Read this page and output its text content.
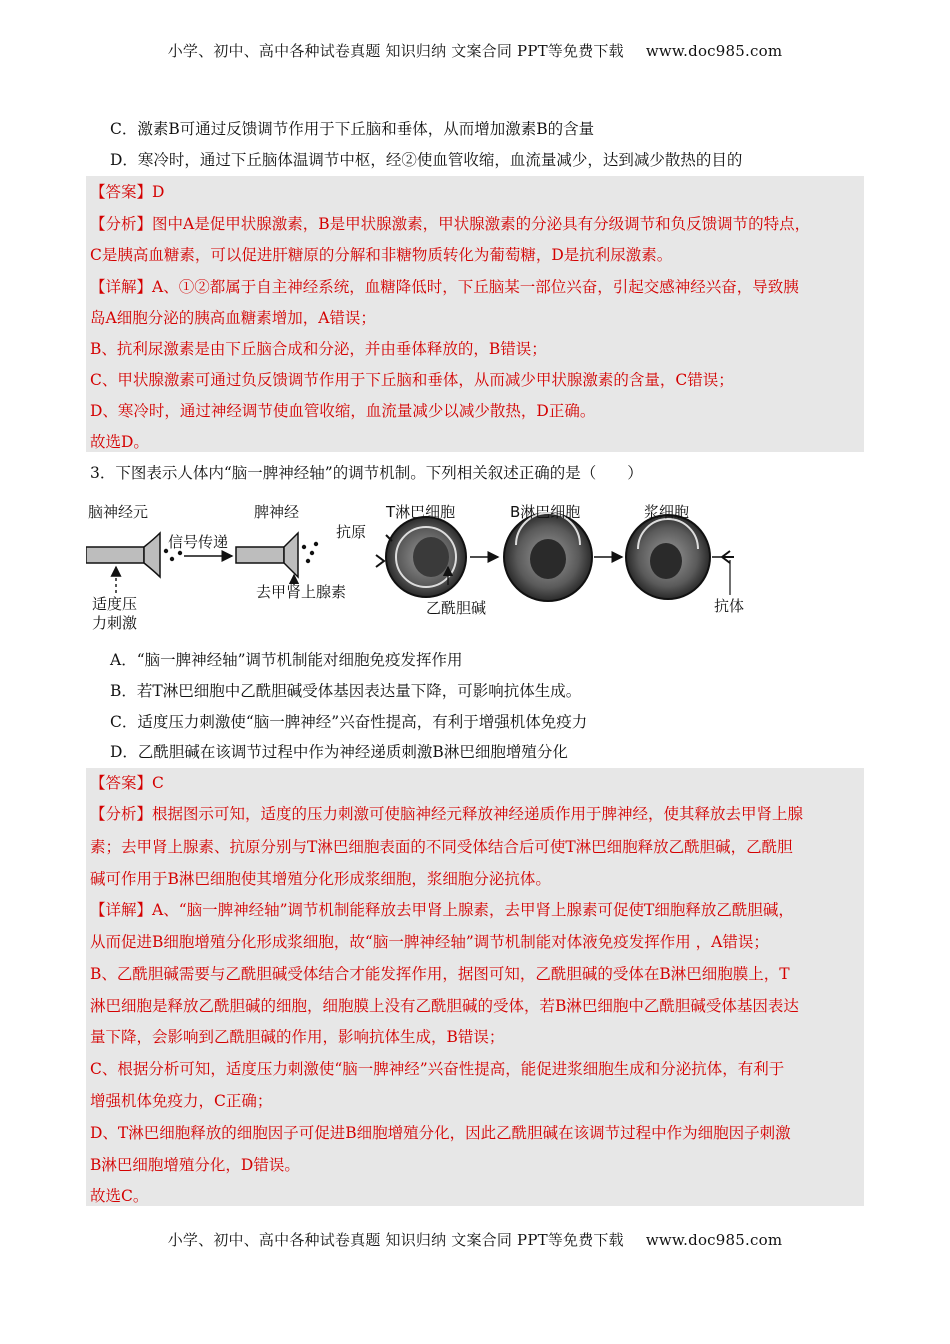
小学、初中、高中各种试卷真题 知识归纳 文案合同 PPT等免费下载 www.doc985.com
C．激素B可通过反馈调节作用于下丘脑和垂体，从而增加激素B的含量
D．寒冷时，通过下丘脑体温调节中枢，经②使血管收缩，血流量减少，达到减少散热的目的
【答案】D
【分析】图中A是促甲状腺激素，B是甲状腺激素，甲状腺激素的分泌具有分级调节和负反馈调节的特点，
C是胰高血糖素，可以促进肝糖原的分解和非糖物质转化为葡萄糖，D是抗利尿激素。
【详解】A、①②都属于自主神经系统，血糖降低时，下丘脑某一部位兴奋，引起交感神经兴奋，导致胰
岛A细胞分泌的胰高血糖素增加，A错误；
B、抗利尿激素是由下丘脑合成和分泌，并由垂体释放的，B错误；
C、甲状腺激素可通过负反馈调节作用于下丘脑和垂体，从而减少甲状腺激素的含量，C错误；
D、寒冷时，通过神经调节使血管收缩，血流量减少以减少散热，D正确。
故选D。
3．下图表示人体内“脑一脾神经轴”的调节机制。下列相关叙述正确的是（　　）
脑神经元
信号传递
适度压
力刺激
脾神经
去甲肾上腺素
T淋巴细胞
抗原
乙酰胆碱
B淋巴细胞	浆细胞
抗体
A．“脑一脾神经轴”调节机制能对细胞免疫发挥作用
B．若T淋巴细胞中乙酰胆碱受体基因表达量下降，可影响抗体生成。
C．适度压力刺激使“脑一脾神经”兴奋性提高，有利于增强机体免疫力
D．乙酰胆碱在该调节过程中作为神经递质刺激B淋巴细胞增殖分化
【答案】C
【分析】根据图示可知，适度的压力刺激可使脑神经元释放神经递质作用于脾神经，使其释放去甲肾上腺
素；去甲肾上腺素、抗原分别与T淋巴细胞表面的不同受体结合后可使T淋巴细胞释放乙酰胆碱，乙酰胆
碱可作用于B淋巴细胞使其增殖分化形成浆细胞，浆细胞分泌抗体。
【详解】A、“脑一脾神经轴”调节机制能释放去甲肾上腺素，去甲肾上腺素可促使T细胞释放乙酰胆碱，
从而促进B细胞增殖分化形成浆细胞，故“脑一脾神经轴”调节机制能对体液免疫发挥作用 ，A错误；
B、乙酰胆碱需要与乙酰胆碱受体结合才能发挥作用，据图可知，乙酰胆碱的受体在B淋巴细胞膜上，T
淋巴细胞是释放乙酰胆碱的细胞，细胞膜上没有乙酰胆碱的受体，若B淋巴细胞中乙酰胆碱受体基因表达
量下降，会影响到乙酰胆碱的作用，影响抗体生成，B错误；
C、根据分析可知，适度压力刺激使“脑一脾神经”兴奋性提高，能促进浆细胞生成和分泌抗体，有利于
增强机体免疫力，C正确；
D、T淋巴细胞释放的细胞因子可促进B细胞增殖分化，因此乙酰胆碱在该调节过程中作为细胞因子刺激
B淋巴细胞增殖分化，D错误。
故选C。
小学、初中、高中各种试卷真题 知识归纳 文案合同 PPT等免费下载 www.doc985.com
